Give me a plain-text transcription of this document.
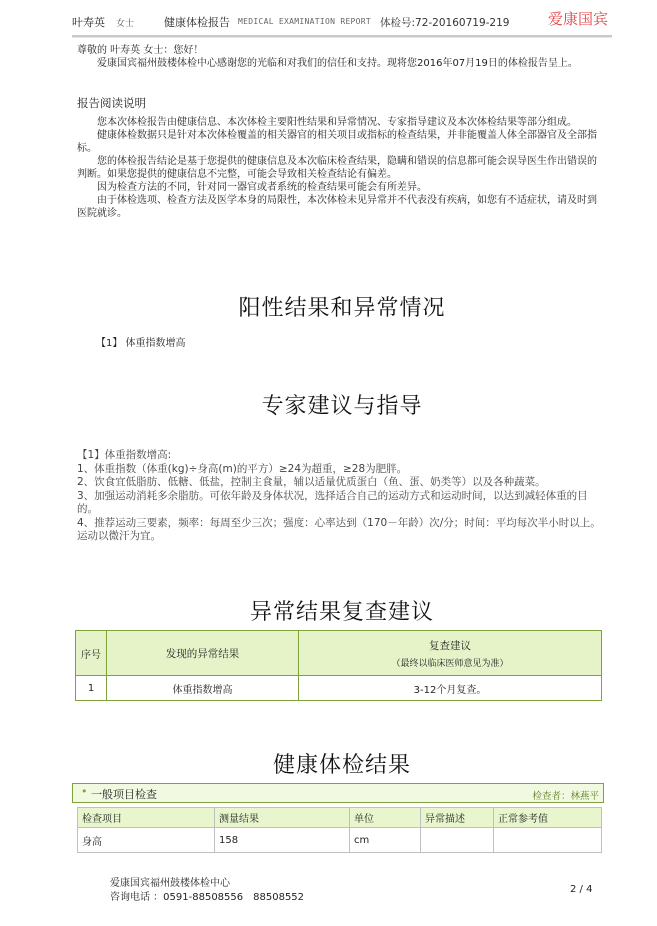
叶寿英 女士	健康体检报告 MEDICAL EXAMINATION REPORT 体检号:72-20160719-219	爱康国宾

尊敬的 叶寿英 女士：您好！

爱康国宾福州鼓楼体检中心感谢您的光临和对我们的信任和支持。现将您2016年07月19日的体检报告呈上。

报告阅读说明

您本次体检报告由健康信息、本次体检主要阳性结果和异常情况、专家指导建议及本次体检结果等部分组成。

健康体检数据只是针对本次体检覆盖的相关器官的相关项目或指标的检查结果，并非能覆盖人体全部器官及全部指标。

您的体检报告结论是基于您提供的健康信息及本次临床检查结果，隐瞒和错误的信息都可能会误导医生作出错误的判断。如果您提供的健康信息不完整，可能会导致相关检查结论有偏差。

因为检查方法的不同，针对同一器官或者系统的检查结果可能会有所差异。

由于体检选项、检查方法及医学本身的局限性，本次体检未见异常并不代表没有疾病，如您有不适症状，请及时到医院就诊。

阳性结果和异常情况
【1】 体重指数增高
专家建议与指导

【1】体重指数增高:

1、体重指数（体重(kg)÷身高(m)的平方）≥24为超重，≥28为肥胖。

2、饮食宜低脂肪、低糖、低盐，控制主食量，辅以适量优质蛋白（鱼、蛋、奶类等）以及各种蔬菜。

3、加强运动消耗多余脂肪。可依年龄及身体状况，选择适合自己的运动方式和运动时间，以达到减轻体重的目的。

4、推荐运动三要素，频率：每周至少三次；强度：心率达到（170－年龄）次/分；时间：平均每次半小时以上。运动以微汗为宜。

异常结果复查建议
序号	发现的异常结果	复查建议
（最终以临床医师意见为准）

1	体重指数增高	3-12个月复查。
健康体检结果
• 一般项目检查	检查者：林燕平
检查项目	测量结果	单位	异常描述	正常参考值
身高	158	cm		

爱康国宾福州鼓楼体检中心

咨询电话 ：0591-88508556　88508552

2 / 4
